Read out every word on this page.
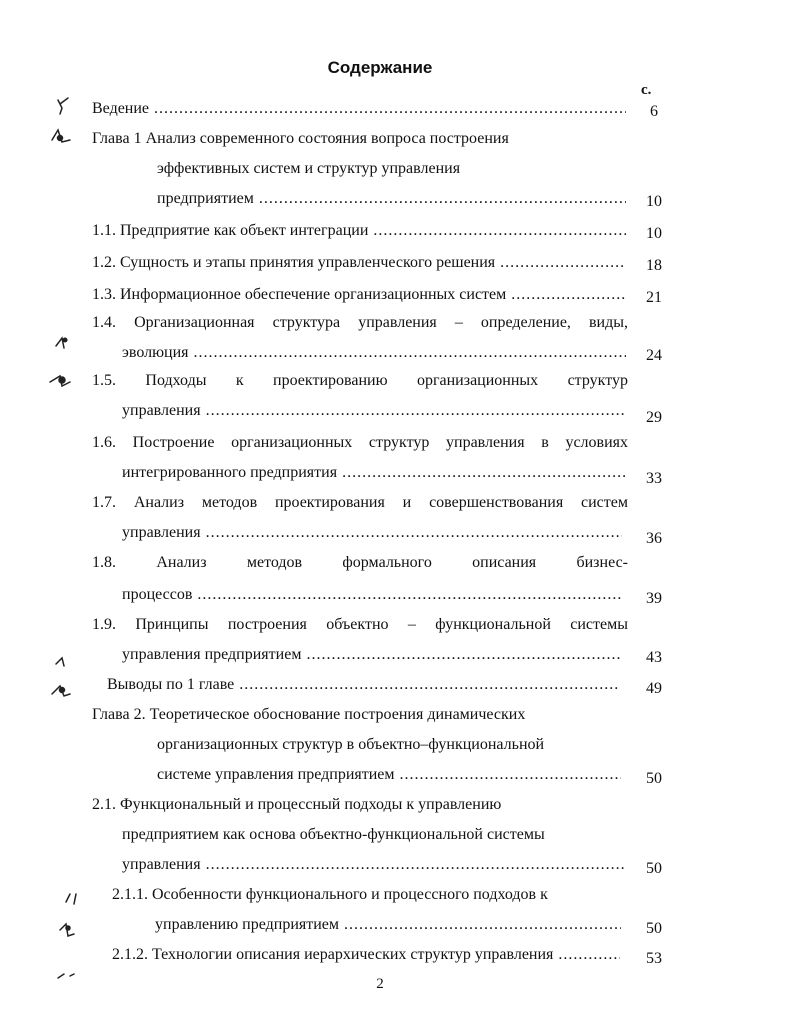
Содержание
с.
Ведение .....	6
Глава 1 Анализ современного состояния вопроса построения
эффективных систем и структур управления
предприятием .....	10
1.1. Предприятие как объект интеграции .....	10
1.2. Сущность и этапы принятия управленческого решения .....	18
1.3. Информационное обеспечение организационных систем .....	21
1.4. Организационная структура управления – определение, виды,
эволюция .....	24
1.5. Подходы к проектированию организационных структур
управления .....	29
1.6. Построение организационных структур управления в условиях
интегрированного предприятия .....	33
1.7. Анализ методов проектирования и совершенствования систем
управления .....	36
1.8. Анализ методов формального описания бизнес-
процессов .....	39
1.9. Принципы построения объектно – функциональной системы
управления предприятием .....	43
Выводы по 1 главе .....	49
Глава 2. Теоретическое обоснование построения динамических
организационных структур в объектно–функциональной
системе управления предприятием .....	50
2.1. Функциональный и процессный подходы к управлению
предприятием как основа объектно-функциональной системы
управления .....	50
2.1.1. Особенности функционального и процессного подходов к
управлению предприятием .....	50
2.1.2. Технологии описания иерархических структур управления .....	53
2
